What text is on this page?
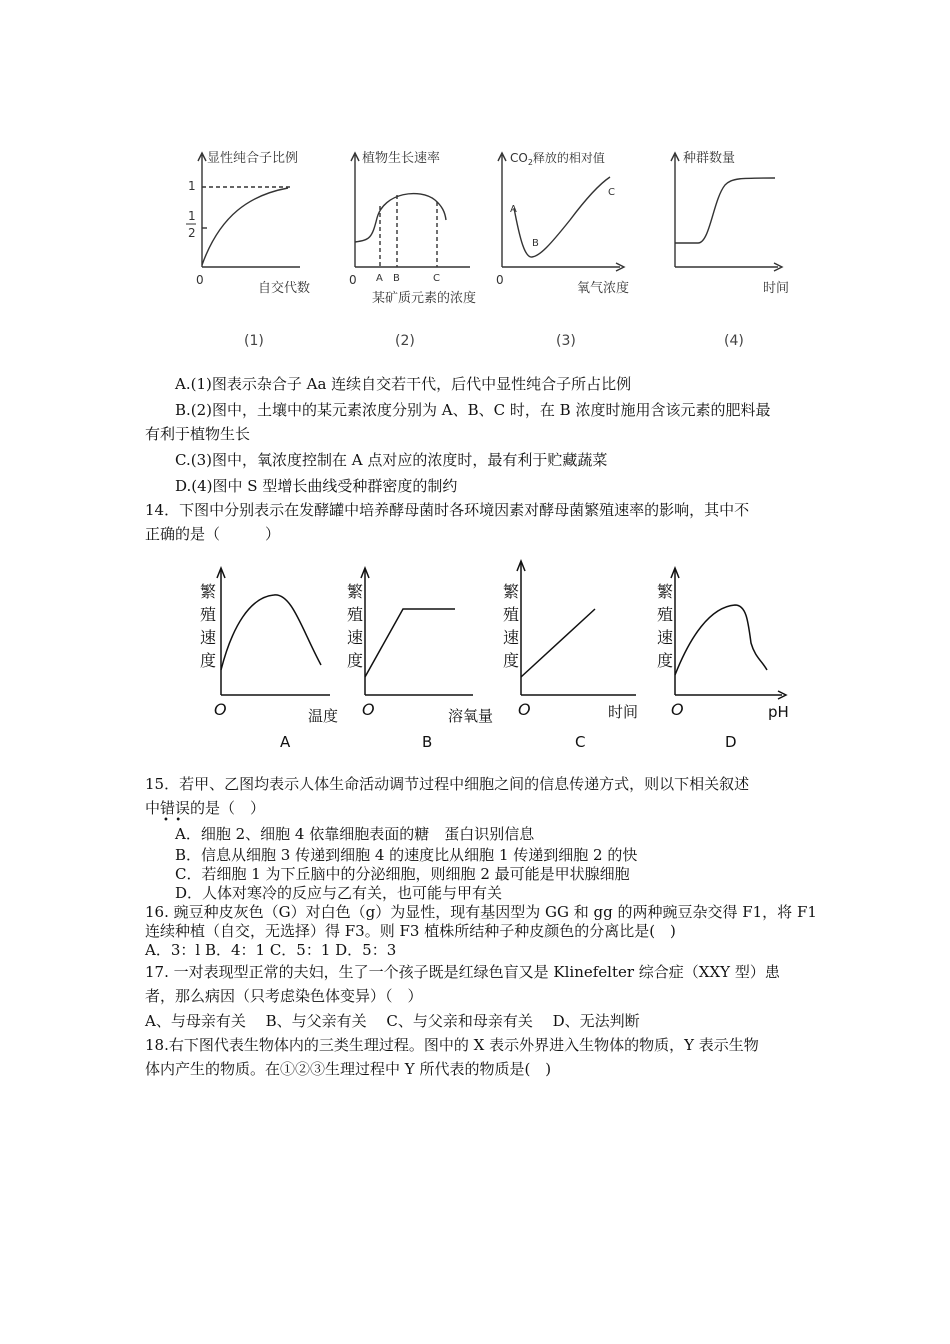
显性纯合子比例
1
1
2
0
自交代数
(1)
植物生长速率
0 A B	C
某矿质元素的浓度
(2)
$CO_2$释放的相对值
A
B
C
0
氧气浓度
(3)
种群数量
时间
(4)
A.(1)图表示杂合子 Aa 连续自交若干代，后代中显性纯合子所占比例
B.(2)图中，土壤中的某元素浓度分别为 A、B、C 时，在 B 浓度时施用含该元素的肥料最
有利于植物生长
C.(3)图中，氧浓度控制在 A 点对应的浓度时，最有利于贮藏蔬菜
D.(4)图中 S 型增长曲线受种群密度的制约
14．下图中分别表示在发酵罐中培养酵母菌时各环境因素对酵母菌繁殖速率的影响，其中不
正确的是（　　　）
繁
殖
速
度
O	温度
A
繁
殖
速
度
O	溶氧量
B
繁
殖
速
度
O	时间
C
繁
殖
速
度
O	pH
D
15．若甲、乙图均表示人体生命活动调节过程中细胞之间的信息传递方式，则以下相关叙述
中错误的是（　）
•  •
A．细胞 2、细胞 4 依靠细胞表面的糖　蛋白识别信息
B．信息从细胞 3 传递到细胞 4 的速度比从细胞 1 传递到细胞 2 的快
C．若细胞 1 为下丘脑中的分泌细胞，则细胞 2 最可能是甲状腺细胞
D．人体对寒冷的反应与乙有关，也可能与甲有关
16. 豌豆种皮灰色（G）对白色（g）为显性，现有基因型为 GG 和 gg 的两种豌豆杂交得 F1，将 F1
连续种植（自交，无选择）得 F3。则 F3 植株所结种子种皮颜色的分离比是(　)
A．3：l B．4：1 C．5：1 D．5：3
17. 一对表现型正常的夫妇，生了一个孩子既是红绿色盲又是 Klinefelter 综合症（XXY 型）患
者，那么病因（只考虑染色体变异）（　）
A、与母亲有关　 B、与父亲有关　 C、与父亲和母亲有关　 D、无法判断
18.右下图代表生物体内的三类生理过程。图中的 X 表示外界进入生物体的物质，Y 表示生物
体内产生的物质。在①②③生理过程中 Y 所代表的物质是(　)
